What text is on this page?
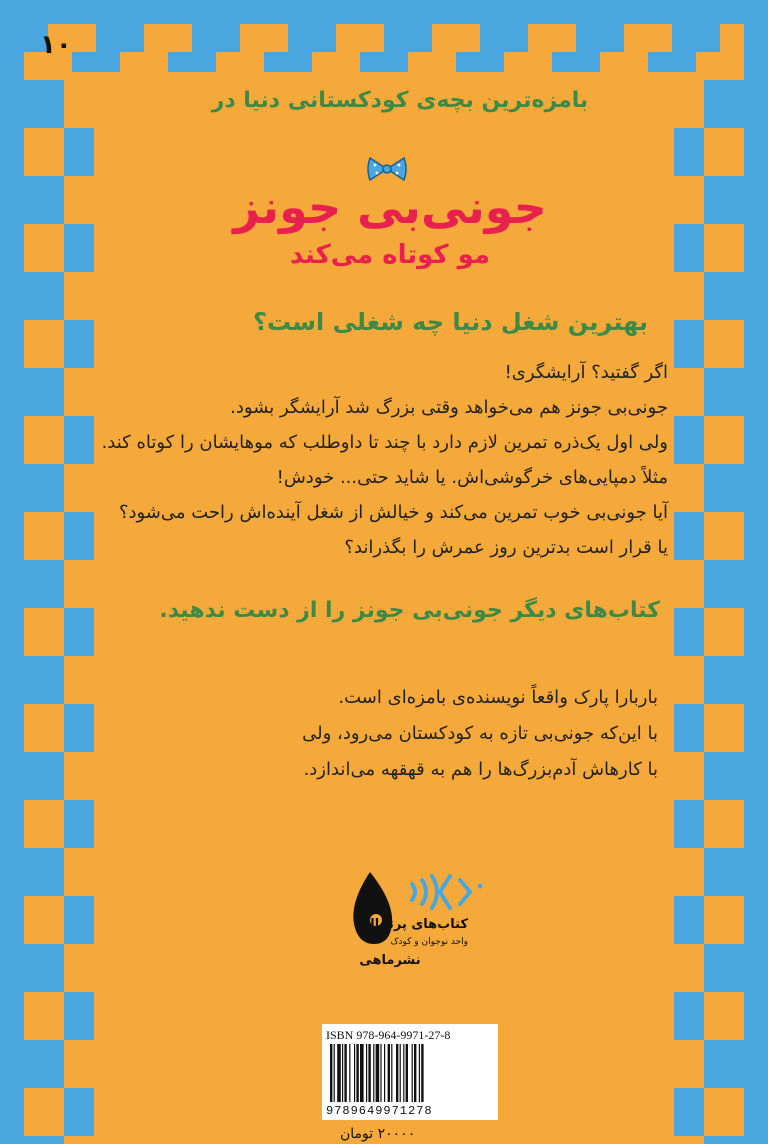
۱۰
بامزه‌ترین بچه‌ی کودکستانی دنیا در
جونی‌بی جونز
مو کوتاه می‌کند
بهترین شغل دنیا چه شغلی است؟
اگر گفتید؟ آرایشگری!
جونی‌بی جونز هم می‌خواهد وقتی بزرگ شد آرایشگر بشود.
ولی اول یک‌ذره تمرین لازم دارد با چند تا داوطلب که موهایشان را کوتاه کند.
مثلاً دمپایی‌های خرگوشی‌اش. یا شاید حتی... خودش!
آیا جونی‌بی خوب تمرین می‌کند و خیالش از شغل آینده‌اش راحت می‌شود؟
یا قرار است بدترین روز عمرش را بگذراند؟
کتاب‌های دیگر جونی‌بی جونز را از دست ندهید.
باربارا پارک واقعاً نویسنده‌ی بامزه‌ای است.
با این‌که جونی‌بی تازه به کودکستان می‌رود، ولی
با کارهاش آدم‌بزرگ‌ها را هم به قهقهه می‌اندازد.
کتاب‌های پرتقال
واحد نوجوان و کودک
نشرماهی
ISBN 978-964-9971-27-8
9789649971278
۲۰۰۰۰ تومان
